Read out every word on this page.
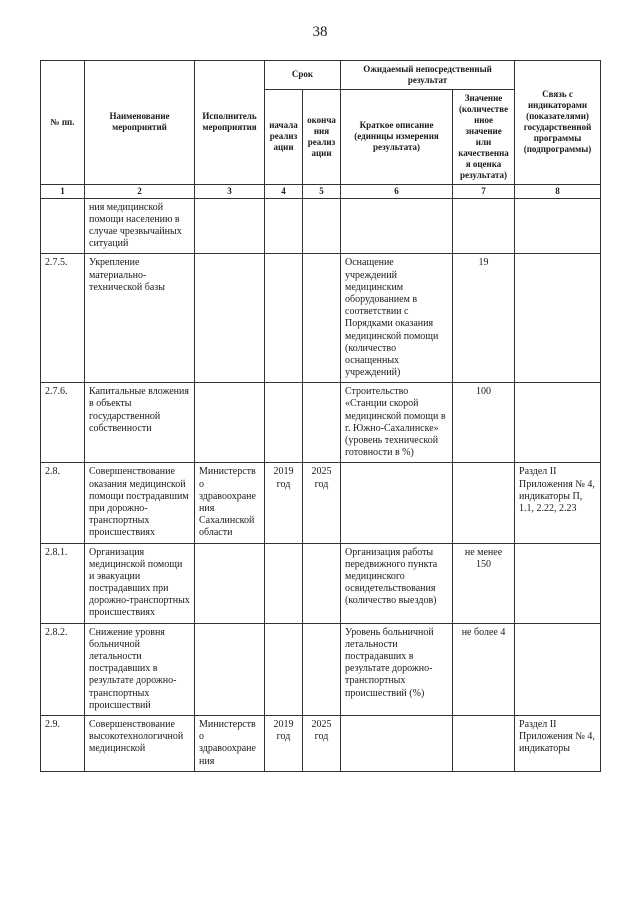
38
№ пп.	Наименование мероприятий	Исполнитель мероприятия	Срок		Ожидаемый непосредственный результат		Связь с индикаторами (показателями) государственной программы (подпрограммы)
			начала реализации	окончания реализации	Краткое описание (единицы измерения результата)	Значение (количественное значение или качественная оценка результата)	
1	2	3	4	5	6	7	8
	ния медицинской помощи населению в случае чрезвычайных ситуаций						
2.7.5.	Укрепление материально-технической базы				Оснащение учреждений медицинским оборудованием в соответствии с Порядками оказания медицинской помощи (количество оснащенных учреждений)	19	
2.7.6.	Капитальные вложения в объекты государственной собственности				Строительство «Станции скорой медицинской помощи в г. Южно-Сахалинске» (уровень технической готовности в %)	100	
2.8.	Совершенствование оказания медицинской помощи пострадавшим при дорожно-транспортных происшествиях	Министерство здравоохранения Сахалинской области	2019 год	2025 год			Раздел II Приложения № 4, индикаторы П, 1.1, 2.22, 2.23
2.8.1.	Организация медицинской помощи и эвакуации пострадавших при дорожно-транспортных происшествиях				Организация работы передвижного пункта медицинского освидетельствования (количество выездов)	не менее 150	
2.8.2.	Снижение уровня больничной летальности пострадавших в результате дорожно-транспортных происшествий				Уровень больничной летальности пострадавших в результате дорожно-транспортных происшествий (%)	не более 4	
2.9.	Совершенствование высокотехнологичной медицинской	Министерство здравоохранения	2019 год	2025 год			Раздел II Приложения № 4, индикаторы
